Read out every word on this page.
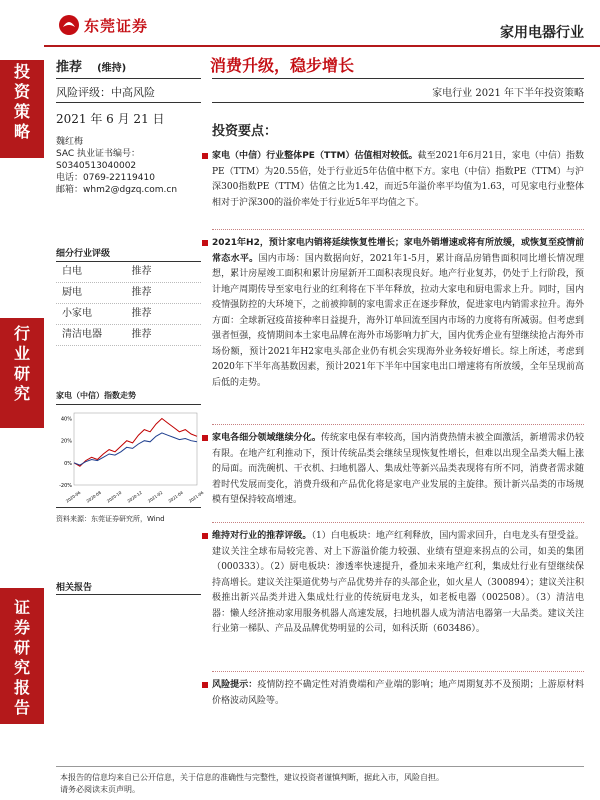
投
资
策
略
行
业
研
究
证
券
研
究
报
告
东莞证券	家用电器行业
推荐 (维持)
风险评级：中高风险
2021 年 6 月 21 日
魏红梅
SAC 执业证书编号：
S0340513040002
电话：0769-22119410
邮箱：whm2@dgzq.com.cn
细分行业评级
白电	推荐
厨电	推荐
小家电	推荐
清洁电器	推荐
家电（中信）指数走势
40%
20%
0%
-20%
2020-06 2020-08 2020-10 2020-12 2021-02 2021-04 2021-06
资料来源：东莞证券研究所，Wind
相关报告
消费升级，稳步增长
家电行业 2021 年下半年投资策略
投资要点：
家电（中信）行业整体PE（TTM）估值相对较低。截至2021年6月21日，家电（中信）指数PE（TTM）为20.55倍，处于行业近5年估值中枢下方。家电（中信）指数PE（TTM）与沪深300指数PE（TTM）估值之比为1.42，而近5年溢价率平均值为1.63，可见家电行业整体相对于沪深300的溢价率处于行业近5年平均值之下。
2021年H2，预计家电内销将延续恢复性增长；家电外销增速或将有所放缓，或恢复至疫情前常态水平。国内市场：国内数据向好，2021年1-5月，累计商品房销售面积同比增长情况理想，累计房屋竣工面积和累计房屋新开工面积表现良好。地产行业复苏，仍处于上行阶段，预计地产周期传导至家电行业的红利将在下半年释放，拉动大家电和厨电需求上升。同时，国内疫情强防控的大环境下，之前被抑制的家电需求正在逐步释放，促进家电内销需求拉升。海外方面：全球新冠疫苗接种率日益提升，海外订单回流至国内市场的力度将有所减弱。但考虑到强者恒强，疫情期间本土家电品牌在海外市场影响力扩大，国内优秀企业有望继续抢占海外市场份额，预计2021年H2家电头部企业仍有机会实现海外业务较好增长。综上所述，考虑到2020年下半年高基数因素，预计2021年下半年中国家电出口增速将有所放缓，全年呈现前高后低的走势。
家电各细分领域继续分化。传统家电保有率较高，国内消费热情未被全面激活，新增需求仍较有限。在地产红利推动下，预计传统品类会继续呈现恢复性增长，但难以出现全品类大幅上涨的局面。而洗碗机、干衣机、扫地机器人、集成灶等新兴品类表现将有所不同，消费者需求随着时代发展而变化，消费升级和产品优化将是家电产业发展的主旋律。预计新兴品类的市场规模有望保持较高增速。
维持对行业的推荐评级。（1）白电板块：地产红利释放，国内需求回升，白电龙头有望受益。建议关注全球布局较完善、对上下游溢价能力较强、业绩有望迎来拐点的公司，如美的集团（000333）。（2）厨电板块：渗透率快速提升，叠加未来地产红利，集成灶行业有望继续保持高增长。建议关注渠道优势与产品优势并存的头部企业，如火星人（300894）；建议关注积极推出新兴品类并进入集成灶行业的传统厨电龙头，如老板电器（002508）。（3）清洁电器：懒人经济推动家用服务机器人高速发展，扫地机器人成为清洁电器第一大品类。建议关注行业第一梯队、产品及品牌优势明显的公司，如科沃斯（603486）。
风险提示：疫情防控不确定性对消费端和产业端的影响；地产周期复苏不及预期；上游原材料价格波动风险等。
本报告的信息均来自已公开信息，关于信息的准确性与完整性，建议投资者谨慎判断，据此入市，风险自担。
请务必阅读末页声明。
